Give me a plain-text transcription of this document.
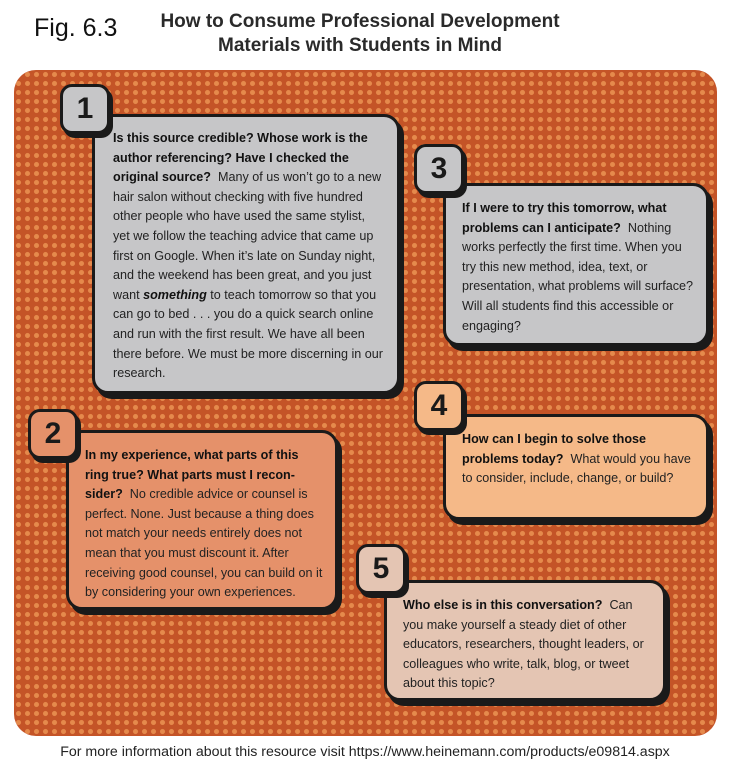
Fig. 6.3	How to Consume Professional Development
Materials with Students in Mind

Is this source credible? Whose work is the author referencing? Have I checked the original source? Many of us won’t go to a new hair salon without checking with five hundred other people who have used the same stylist, yet we follow the teaching advice that came up first on Google. When it’s late on Sunday night, and the weekend has been great, and you just want something to teach tomorrow so that you can go to bed . . . you do a quick search online and run with the first result. We have all been there before. We must be more discerning in our research.

1

If I were to try this tomorrow, what problems can I anticipate? Nothing works perfectly the first time. When you try this new method, idea, text, or presentation, what problems will surface? Will all students find this accessible or engaging?

3

In my experience, what parts of this ring true? What parts must I reconsider? No credible advice or counsel is perfect. None. Just because a thing does not match your needs entirely does not mean that you must discount it. After receiving good counsel, you can build on it by considering your own experiences.

2	How can I begin to solve those problems today? What would you have to consider, include, change, or build?

4

Who else is in this conversation? Can you make yourself a steady diet of other educators, researchers, thought leaders, or colleagues who write, talk, blog, or tweet about this topic?

5
For more information about this resource visit https://www.heinemann.com/products/e09814.aspx
